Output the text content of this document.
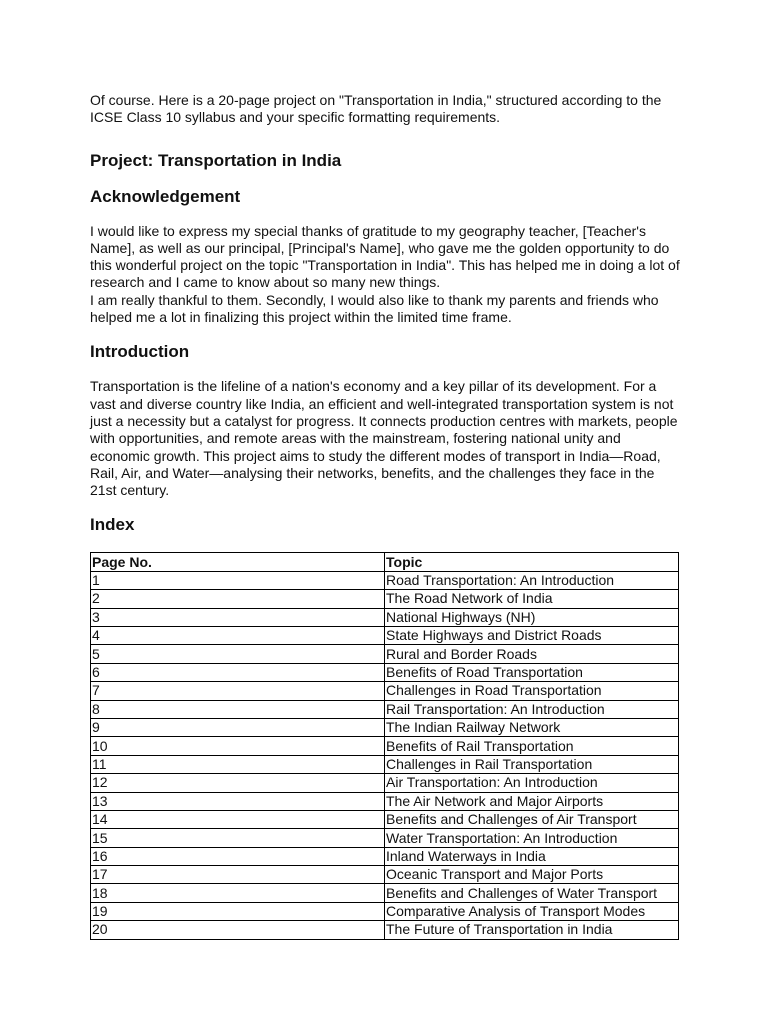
Of course. Here is a 20-page project on "Transportation in India," structured according to the ICSE Class 10 syllabus and your specific formatting requirements.

Project: Transportation in India
Acknowledgement

I would like to express my special thanks of gratitude to my geography teacher, [Teacher's Name], as well as our principal, [Principal's Name], who gave me the golden opportunity to do this wonderful project on the topic "Transportation in India". This has helped me in doing a lot of research and I came to know about so many new things.

I am really thankful to them. Secondly, I would also like to thank my parents and friends who helped me a lot in finalizing this project within the limited time frame.

Introduction

Transportation is the lifeline of a nation's economy and a key pillar of its development. For a vast and diverse country like India, an efficient and well-integrated transportation system is not just a necessity but a catalyst for progress. It connects production centres with markets, people with opportunities, and remote areas with the mainstream, fostering national unity and economic growth. This project aims to study the different modes of transport in India—Road, Rail, Air, and Water—analysing their networks, benefits, and the challenges they face in the 21st century.

Index
Page No.	Topic
1	Road Transportation: An Introduction
2	The Road Network of India
3	National Highways (NH)
4	State Highways and District Roads
5	Rural and Border Roads
6	Benefits of Road Transportation
7	Challenges in Road Transportation
8	Rail Transportation: An Introduction
9	The Indian Railway Network
10	Benefits of Rail Transportation
11	Challenges in Rail Transportation
12	Air Transportation: An Introduction
13	The Air Network and Major Airports
14	Benefits and Challenges of Air Transport
15	Water Transportation: An Introduction
16	Inland Waterways in India
17	Oceanic Transport and Major Ports
18	Benefits and Challenges of Water Transport
19	Comparative Analysis of Transport Modes
20	The Future of Transportation in India
